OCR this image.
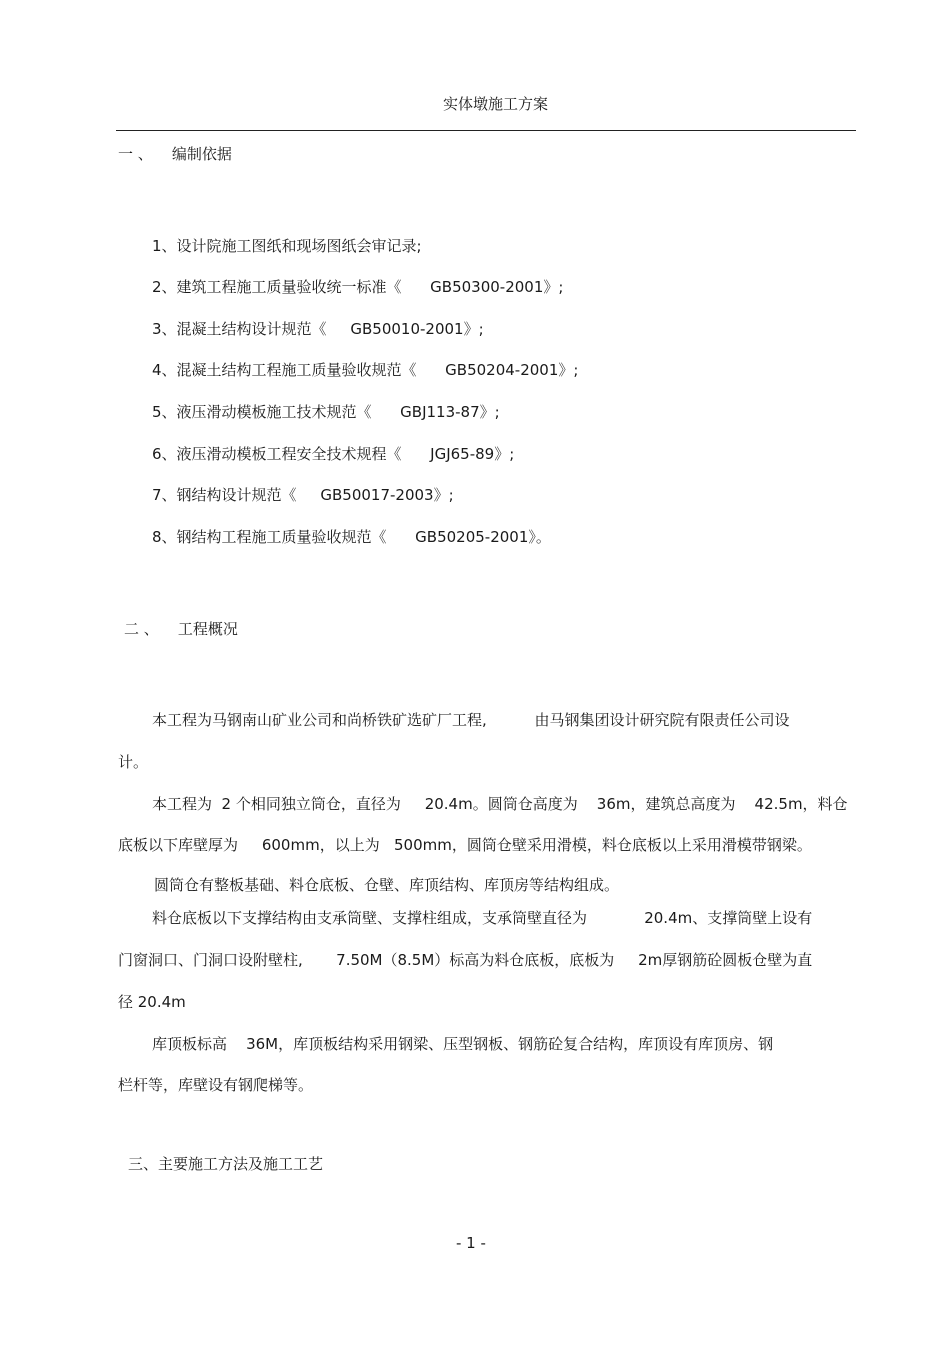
实体墩施工方案
一 、    编制依据
1、设计院施工图纸和现场图纸会审记录;
2、建筑工程施工质量验收统一标准《      GB50300-2001》;
3、混凝土结构设计规范《     GB50010-2001》;
4、混凝土结构工程施工质量验收规范《      GB50204-2001》;
5、液压滑动模板施工技术规范《      GBJ113-87》;
6、液压滑动模板工程安全技术规程《      JGJ65-89》;
7、钢结构设计规范《     GB50017-2003》;
8、钢结构工程施工质量验收规范《      GB50205-2001》。
二 、    工程概况
本工程为马钢南山矿业公司和尚桥铁矿选矿厂工程,          由马钢集团设计研究院有限责任公司设
计。
本工程为  2 个相同独立筒仓，直径为     20.4m。圆筒仓高度为    36m，建筑总高度为    42.5m，料仓
底板以下库壁厚为     600mm，以上为   500mm，圆筒仓壁采用滑模，料仓底板以上采用滑模带钢梁。
圆筒仓有整板基础、料仓底板、仓壁、库顶结构、库顶房等结构组成。
料仓底板以下支撑结构由支承筒壁、支撑柱组成，支承筒壁直径为            20.4m、支撑筒壁上设有
门窗洞口、门洞口设附壁柱,       7.50M（8.5M）标高为料仓底板，底板为     2m厚钢筋砼圆板仓壁为直
径 20.4m
库顶板标高    36M，库顶板结构采用钢梁、压型钢板、钢筋砼复合结构，库顶设有库顶房、钢
栏杆等，库壁设有钢爬梯等。
三、主要施工方法及施工工艺
- 1 -
